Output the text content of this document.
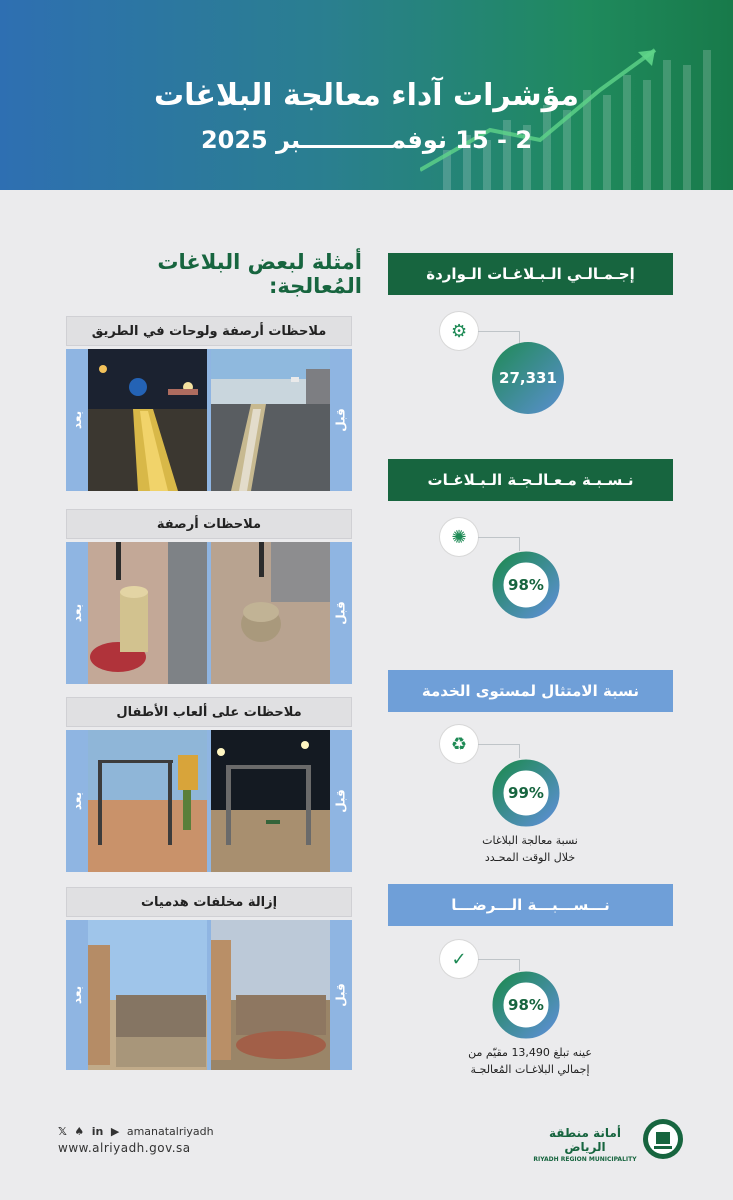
مؤشرات آداء معالجة البلاغات
2 - 15 نوفمـــــــــــبر 2025
أمثلة لبعض البلاغات المُعالجة:
ملاحظات أرصفة ولوحات في الطريق
قبل
بعد
ملاحظات أرصفة
قبل
بعد
ملاحظات على ألعاب الأطفال
قبل
بعد
إزالة مخلفات هدميات
قبل
بعد
إجـمـالـي الـبـلاغـات الـواردة
⚙
27,331
نـسـبـة مـعـالـجـة الـبـلاغـات
✺
98%
نسبة الامتثال لمستوى الخدمة
♻
99%
نسبة معالجة البلاغات
خلال الوقت المحـدد
نـــســـبـــة الـــرضـــا
✓
98%
عينه تبلغ 13,490 مقيّم من
إجمالي البلاغـات المُعالجـة
𝕏 ♠ in ▶ amanatalriyadh
www.alriyadh.gov.sa
أمانة منطقة الرياض
RIYADH REGION MUNICIPALITY
